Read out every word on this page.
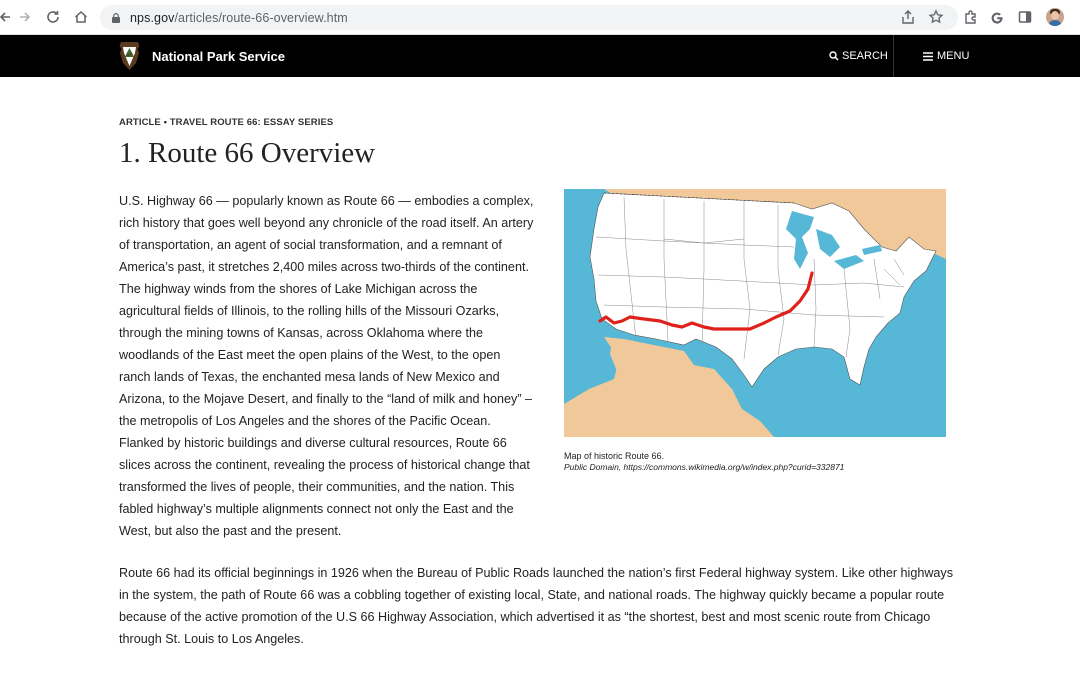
nps.gov/articles/route-66-overview.htm
National Park Service	SEARCH	MENU
ARTICLE • TRAVEL ROUTE 66: ESSAY SERIES
1. Route 66 Overview

U.S. Highway 66 — popularly known as Route 66 — embodies a complex, rich history that goes well beyond any chronicle of the road itself. An artery of transportation, an agent of social transformation, and a remnant of America’s past, it stretches 2,400 miles across two-thirds of the continent. The highway winds from the shores of Lake Michigan across the agricultural fields of Illinois, to the rolling hills of the Missouri Ozarks, through the mining towns of Kansas, across Oklahoma where the woodlands of the East meet the open plains of the West, to the open ranch lands of Texas, the enchanted mesa lands of New Mexico and Arizona, to the Mojave Desert, and finally to the “land of milk and honey” – the metropolis of Los Angeles and the shores of the Pacific Ocean. Flanked by historic buildings and diverse cultural resources, Route 66 slices across the continent, revealing the process of historical change that transformed the lives of people, their communities, and the nation. This fabled highway’s multiple alignments connect not only the East and the West, but also the past and the present.

Map of historic Route 66.
Public Domain, https://commons.wikimedia.org/w/index.php?curid=332871

Route 66 had its official beginnings in 1926 when the Bureau of Public Roads launched the nation’s first Federal highway system. Like other highways in the system, the path of Route 66 was a cobbling together of existing local, State, and national roads. The highway quickly became a popular route because of the active promotion of the U.S 66 Highway Association, which advertised it as “the shortest, best and most scenic route from Chicago through St. Louis to Los Angeles.
